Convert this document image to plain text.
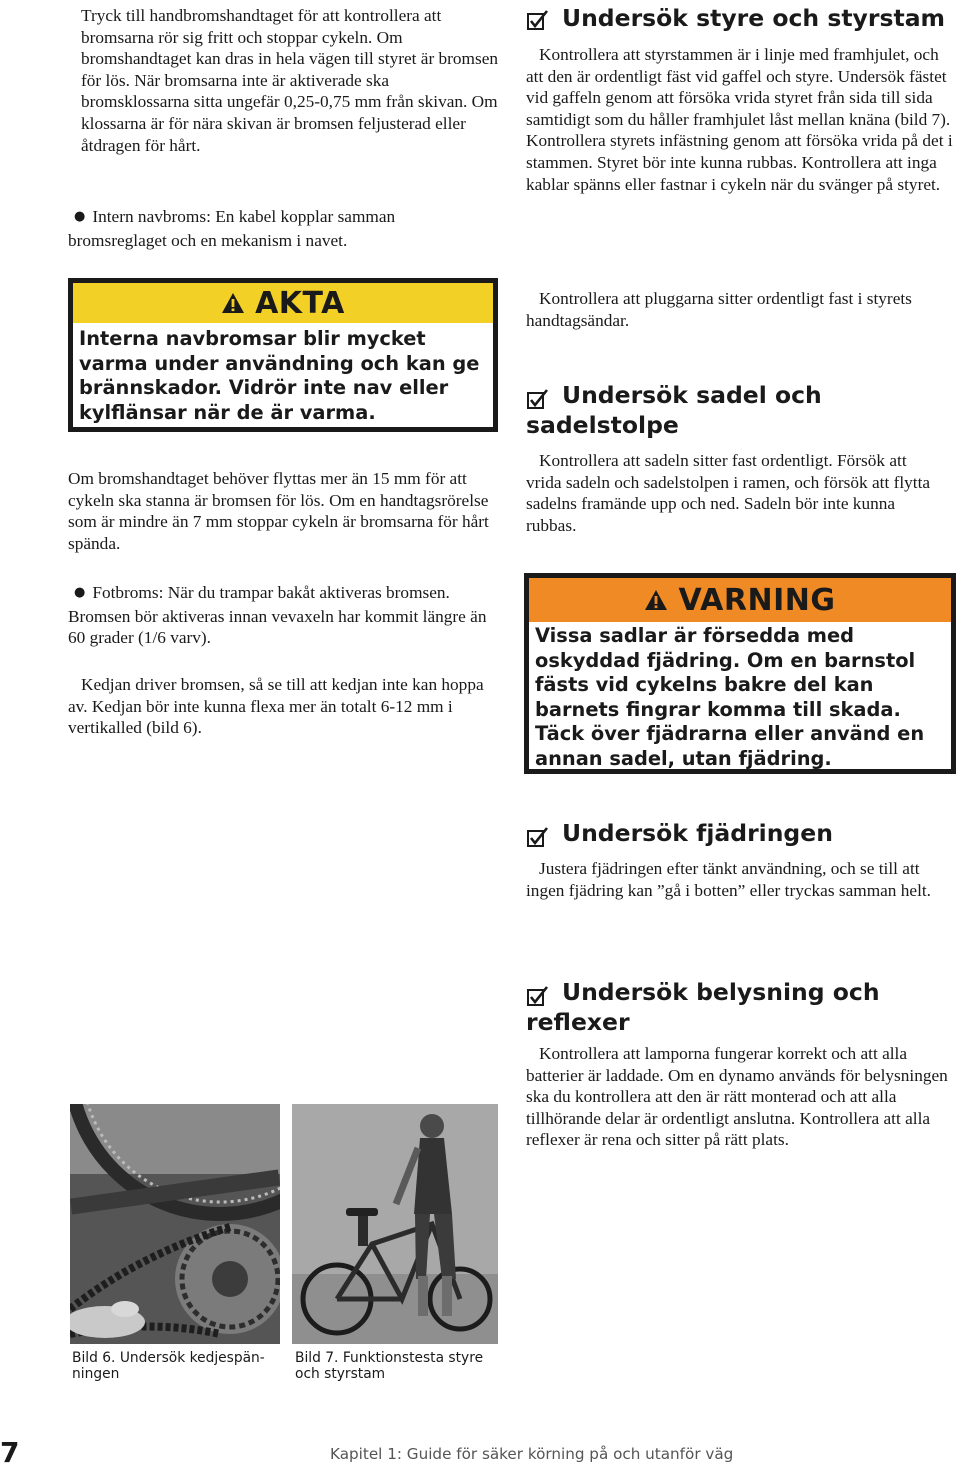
Tryck till handbromshandtaget för att kontrollera att bromsarna rör sig fritt och stoppar cykeln. Om bromshandtaget kan dras in hela vägen till styret är bromsen för lös. När bromsarna inte är aktiverade ska bromsklossarna sitta ungefär 0,25-0,75 mm från skivan. Om klossarna är för nära skivan är bromsen feljusterad eller åtdragen för hårt.

● Intern navbroms: En kabel kopplar samman bromsreglaget och en mekanism i navet.

AKTA
Interna navbromsar blir mycket varma under användning och kan ge brännskador. Vidrör inte nav eller kylflänsar när de är varma.

Om bromshandtaget behöver flyttas mer än 15 mm för att cykeln ska stanna är bromsen för lös. Om en handtagsrörelse som är mindre än 7 mm stoppar cykeln är bromsarna för hårt spända.

● Fotbroms: När du trampar bakåt aktiveras bromsen. Bromsen bör aktiveras innan vevaxeln har kommit längre än 60 grader (1/6 varv).

Kedjan driver bromsen, så se till att kedjan inte kan hoppa av. Kedjan bör inte kunna flexa mer än totalt 6-12 mm i vertikalled (bild 6).

Undersök styre och styrstam

Kontrollera att styrstammen är i linje med framhjulet, och att den är ordentligt fäst vid gaffel och styre. Undersök fästet vid gaffeln genom att försöka vrida styret från sida till sida samtidigt som du håller framhjulet låst mellan knäna (bild 7). Kontrollera styrets infästning genom att försöka vrida på det i stammen. Styret bör inte kunna rubbas. Kontrollera att inga kablar spänns eller fastnar i cykeln när du svänger på styret.

Kontrollera att pluggarna sitter ordentligt fast i styrets handtagsändar.

Undersök sadel och
sadelstolpe

Kontrollera att sadeln sitter fast ordentligt. Försök att vrida sadeln och sadelstolpen i ramen, och försök att flytta sadelns framände upp och ned. Sadeln bör inte kunna rubbas.

VARNING
Vissa sadlar är försedda med oskyddad fjädring. Om en barnstol fästs vid cykelns bakre del kan barnets fingrar komma till skada. Täck över fjädrarna eller använd en annan sadel, utan fjädring.
Undersök fjädringen

Justera fjädringen efter tänkt användning, och se till att ingen fjädring kan ”gå i botten” eller tryckas samman helt.

Undersök belysning och
reflexer

Kontrollera att lamporna fungerar korrekt och att alla batterier är laddade. Om en dynamo används för belysningen ska du kontrollera att den är rätt monterad och att alla tillhörande delar är ordentligt anslutna. Kontrollera att alla reflexer är rena och sitter på rätt plats.

Bild 6. Undersök kedjespän-
ningen
Bild 7. Funktionstesta styre
och styrstam
7	Kapitel 1: Guide för säker körning på och utanför väg
